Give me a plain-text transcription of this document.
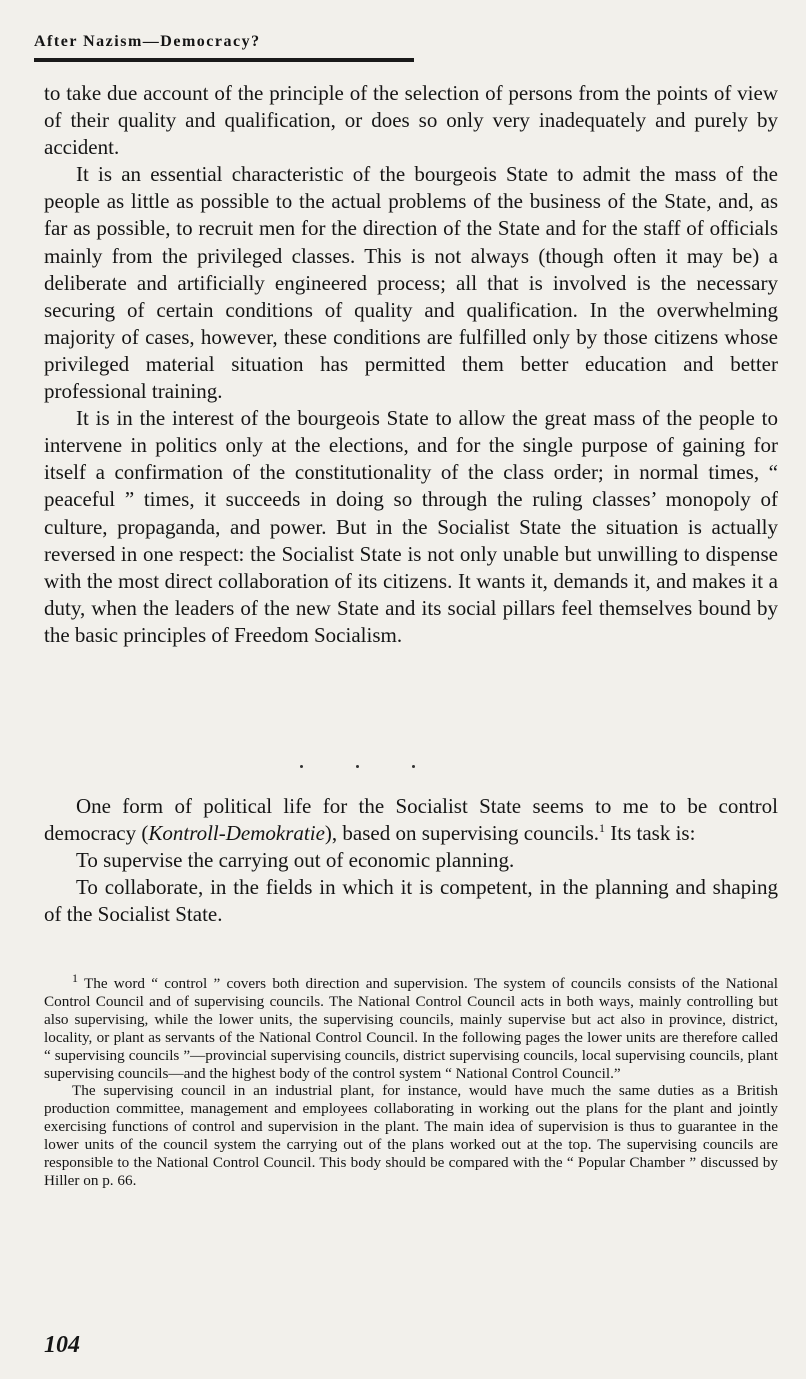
After Nazism—Democracy?

to take due account of the principle of the selection of persons from the points of view of their quality and qualification, or does so only very inadequately and purely by accident.

It is an essential characteristic of the bourgeois State to admit the mass of the people as little as possible to the actual problems of the business of the State, and, as far as possible, to recruit men for the direction of the State and for the staff of officials mainly from the privileged classes. This is not always (though often it may be) a deliberate and artificially engineered process; all that is involved is the necessary securing of certain conditions of quality and qualification. In the overwhelming majority of cases, however, these conditions are fulfilled only by those citizens whose privileged material situation has permitted them better education and better professional training.

It is in the interest of the bourgeois State to allow the great mass of the people to intervene in politics only at the elections, and for the single purpose of gaining for itself a confirmation of the constitutionality of the class order; in normal times, “ peaceful ” times, it succeeds in doing so through the ruling classes’ monopoly of culture, propaganda, and power. But in the Socialist State the situation is actually reversed in one respect: the Socialist State is not only unable but unwilling to dispense with the most direct collaboration of its citizens. It wants it, demands it, and makes it a duty, when the leaders of the new State and its social pillars feel themselves bound by the basic principles of Freedom Socialism.

One form of political life for the Socialist State seems to me to be control democracy (Kontroll-Demokratie), based on supervising councils.$^1$ Its task is:

To supervise the carrying out of economic planning.

To collaborate, in the fields in which it is competent, in the planning and shaping of the Socialist State.

$^1$ The word “ control ” covers both direction and supervision. The system of councils consists of the National Control Council and of supervising councils. The National Control Council acts in both ways, mainly controlling but also supervising, while the lower units, the supervising councils, mainly supervise but act also in province, district, locality, or plant as servants of the National Control Council. In the following pages the lower units are therefore called “ supervising councils ”—provincial supervising councils, district supervising councils, local supervising councils, plant supervising councils—and the highest body of the control system “ National Control Council.”

The supervising council in an industrial plant, for instance, would have much the same duties as a British production committee, management and employees collaborating in working out the plans for the plant and jointly exercising functions of control and supervision in the plant. The main idea of supervision is thus to guarantee in the lower units of the council system the carrying out of the plans worked out at the top. The supervising councils are responsible to the National Control Council. This body should be compared with the “ Popular Chamber ” discussed by Hiller on p. 66.

104
